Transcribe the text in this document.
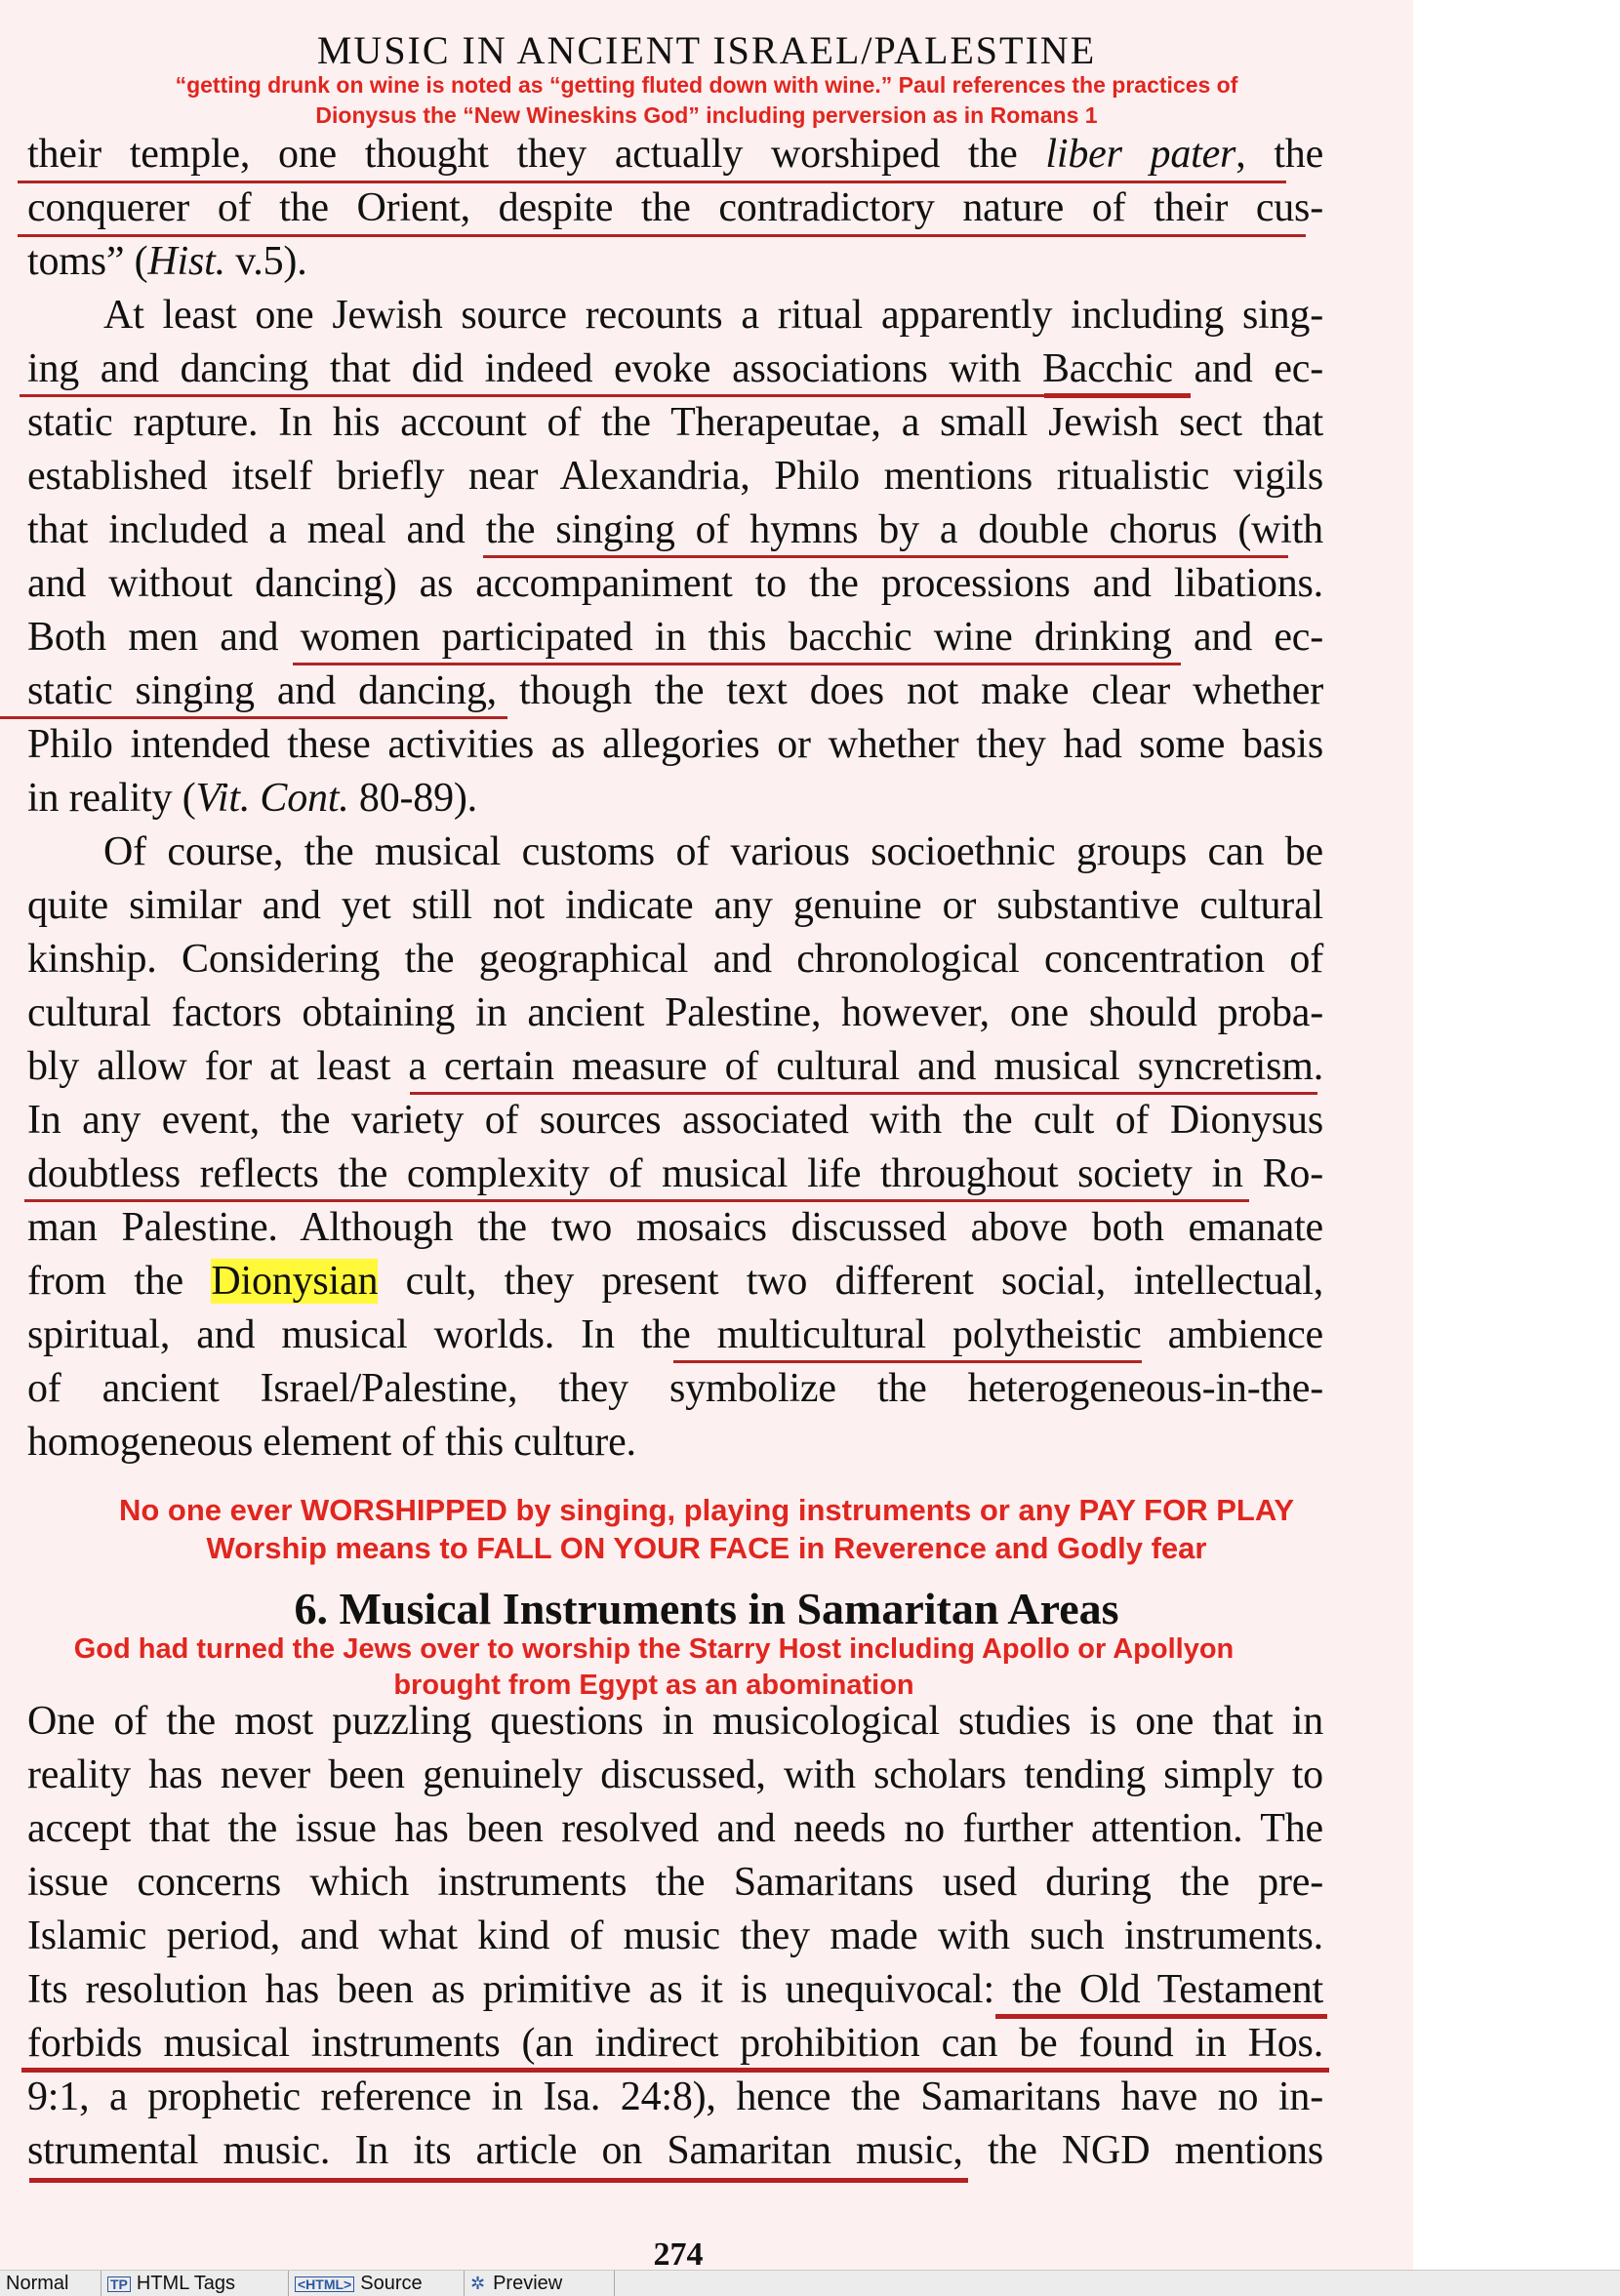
MUSIC IN ANCIENT ISRAEL/PALESTINE
“getting drunk on wine is noted as “getting fluted down with wine.” Paul references the practices of
Dionysus the “New Wineskins God” including perversion as in Romans 1
their temple, one thought they actually worshiped the liber pater, the
conquerer of the Orient, despite the contradictory nature of their cus-
toms” (Hist. v.5).
At least one Jewish source recounts a ritual apparently including sing-
ing and dancing that did indeed evoke associations with Bacchic and ec-
static rapture. In his account of the Therapeutae, a small Jewish sect that
established itself briefly near Alexandria, Philo mentions ritualistic vigils
that included a meal and the singing of hymns by a double chorus (with
and without dancing) as accompaniment to the processions and libations.
Both men and women participated in this bacchic wine drinking and ec-
static singing and dancing, though the text does not make clear whether
Philo intended these activities as allegories or whether they had some basis
in reality (Vit. Cont. 80-89).
Of course, the musical customs of various socioethnic groups can be
quite similar and yet still not indicate any genuine or substantive cultural
kinship. Considering the geographical and chronological concentration of
cultural factors obtaining in ancient Palestine, however, one should proba-
bly allow for at least a certain measure of cultural and musical syncretism.
In any event, the variety of sources associated with the cult of Dionysus
doubtless reflects the complexity of musical life throughout society in Ro-
man Palestine. Although the two mosaics discussed above both emanate
from the Dionysian cult, they present two different social, intellectual,
spiritual, and musical worlds. In the multicultural polytheistic ambience
of ancient Israel/Palestine, they symbolize the heterogeneous-in-the-
homogeneous element of this culture.
No one ever WORSHIPPED by singing, playing instruments or any PAY FOR PLAY
Worship means to FALL ON YOUR FACE in Reverence and Godly fear
6. Musical Instruments in Samaritan Areas
God had turned the Jews over to worship the Starry Host including Apollo or Apollyon
brought from Egypt as an abomination
One of the most puzzling questions in musicological studies is one that in
reality has never been genuinely discussed, with scholars tending simply to
accept that the issue has been resolved and needs no further attention. The
issue concerns which instruments the Samaritans used during the pre-
Islamic period, and what kind of music they made with such instruments.
Its resolution has been as primitive as it is unequivocal: the Old Testament
forbids musical instruments (an indirect prohibition can be found in Hos.
9:1, a prophetic reference in Isa. 24:8), hence the Samaritans have no in-
strumental music. In its article on Samaritan music, the NGD mentions
274
Normal	TP HTML Tags	<HTML> Source	✲ Preview
